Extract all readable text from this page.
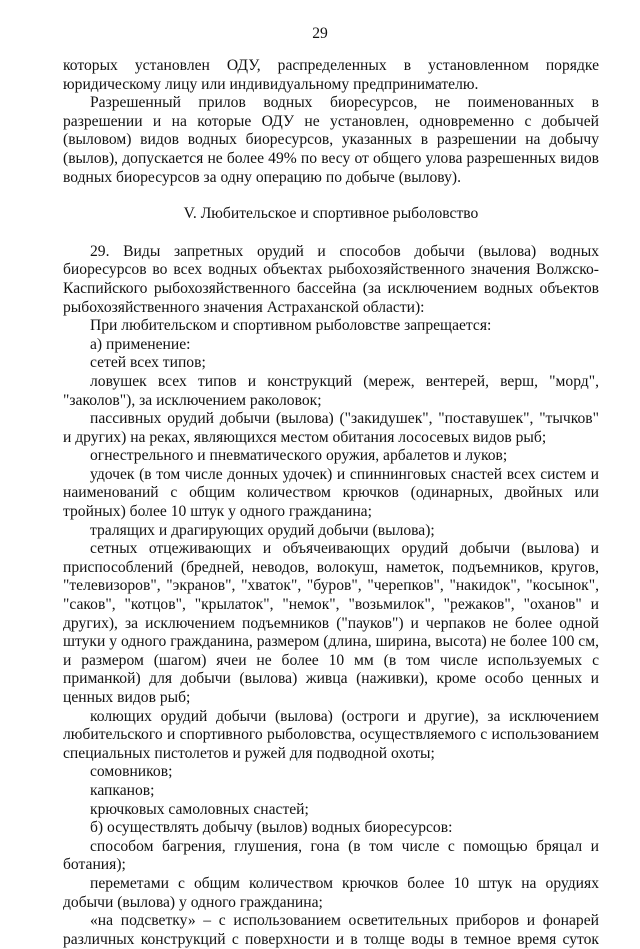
29

которых установлен ОДУ, распределенных в установленном порядке юридическому лицу или индивидуальному предпринимателю.

Разрешенный прилов водных биоресурсов, не поименованных в разрешении и на которые ОДУ не установлен, одновременно с добычей (выловом) видов водных биоресурсов, указанных в разрешении на добычу (вылов), допускается не более 49% по весу от общего улова разрешенных видов водных биоресурсов за одну операцию по добыче (вылову).

V. Любительское и спортивное рыболовство

29. Виды запретных орудий и способов добычи (вылова) водных биоресурсов во всех водных объектах рыбохозяйственного значения Волжско-Каспийского рыбохозяйственного бассейна (за исключением водных объектов рыбохозяйственного значения Астраханской области):

При любительском и спортивном рыболовстве запрещается:

а) применение:

сетей всех типов;

ловушек всех типов и конструкций (мереж, вентерей, верш, "морд", "заколов"), за исключением раколовок;

пассивных орудий добычи (вылова) ("закидушек", "поставушек", "тычков" и других) на реках, являющихся местом обитания лососевых видов рыб;

огнестрельного и пневматического оружия, арбалетов и луков;

удочек (в том числе донных удочек) и спиннинговых снастей всех систем и наименований с общим количеством крючков (одинарных, двойных или тройных) более 10 штук у одного гражданина;

тралящих и драгирующих орудий добычи (вылова);

сетных отцеживающих и объячеивающих орудий добычи (вылова) и приспособлений (бредней, неводов, волокуш, наметок, подъемников, кругов, "телевизоров", "экранов", "хваток", "буров", "черепков", "накидок", "косынок", "саков", "котцов", "крылаток", "немок", "возьмилок", "режаков", "оханов" и других), за исключением подъемников ("пауков") и черпаков не более одной штуки у одного гражданина, размером (длина, ширина, высота) не более 100 см, и размером (шагом) ячеи не более 10 мм (в том числе используемых с приманкой) для добычи (вылова) живца (наживки), кроме особо ценных и ценных видов рыб;

колющих орудий добычи (вылова) (остроги и другие), за исключением любительского и спортивного рыболовства, осуществляемого с использованием специальных пистолетов и ружей для подводной охоты;

сомовников;

капканов;

крючковых самоловных снастей;

б) осуществлять добычу (вылов) водных биоресурсов:

способом багрения, глушения, гона (в том числе с помощью бряцал и ботания);

переметами с общим количеством крючков более 10 штук на орудиях добычи (вылова) у одного гражданина;

«на подсветку» – с использованием осветительных приборов и фонарей различных конструкций с поверхности и в толще воды в темное время суток
